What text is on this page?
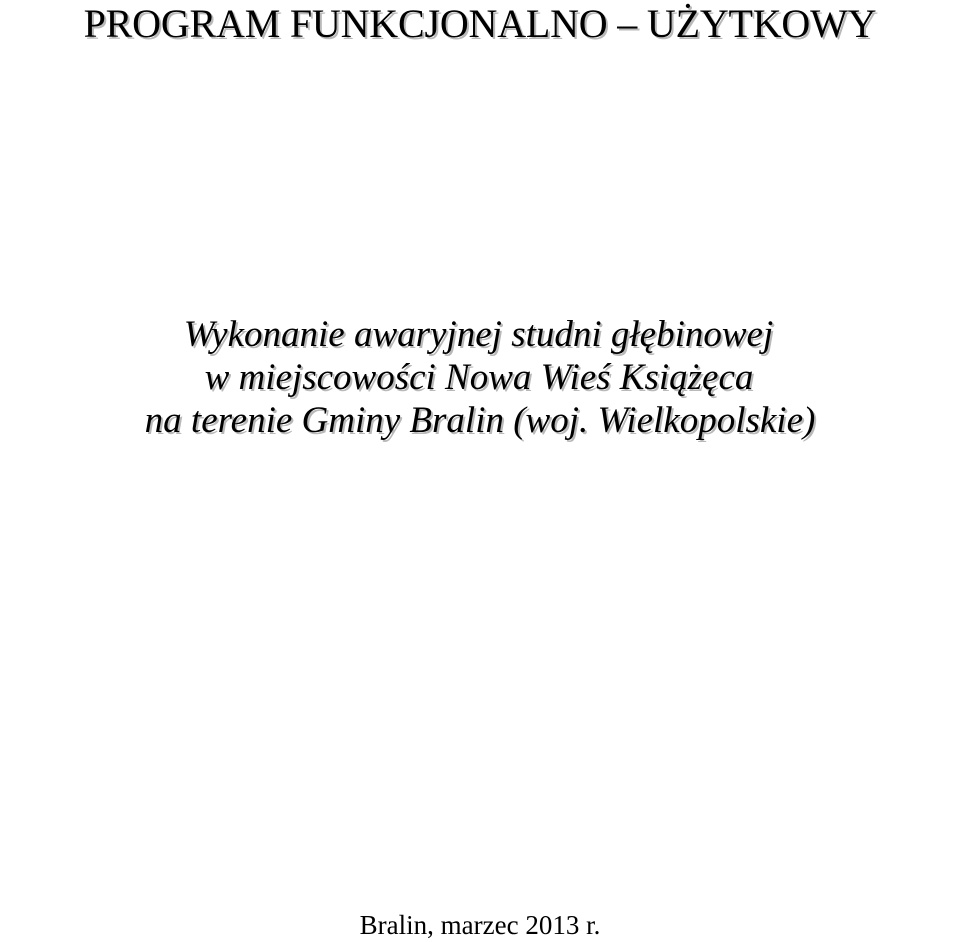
PROGRAM FUNKCJONALNO – UŻYTKOWY
Wykonanie awaryjnej studni głębinowej
w miejscowości Nowa Wieś Książęca
na terenie Gminy Bralin (woj. Wielkopolskie)
Bralin, marzec 2013 r.
